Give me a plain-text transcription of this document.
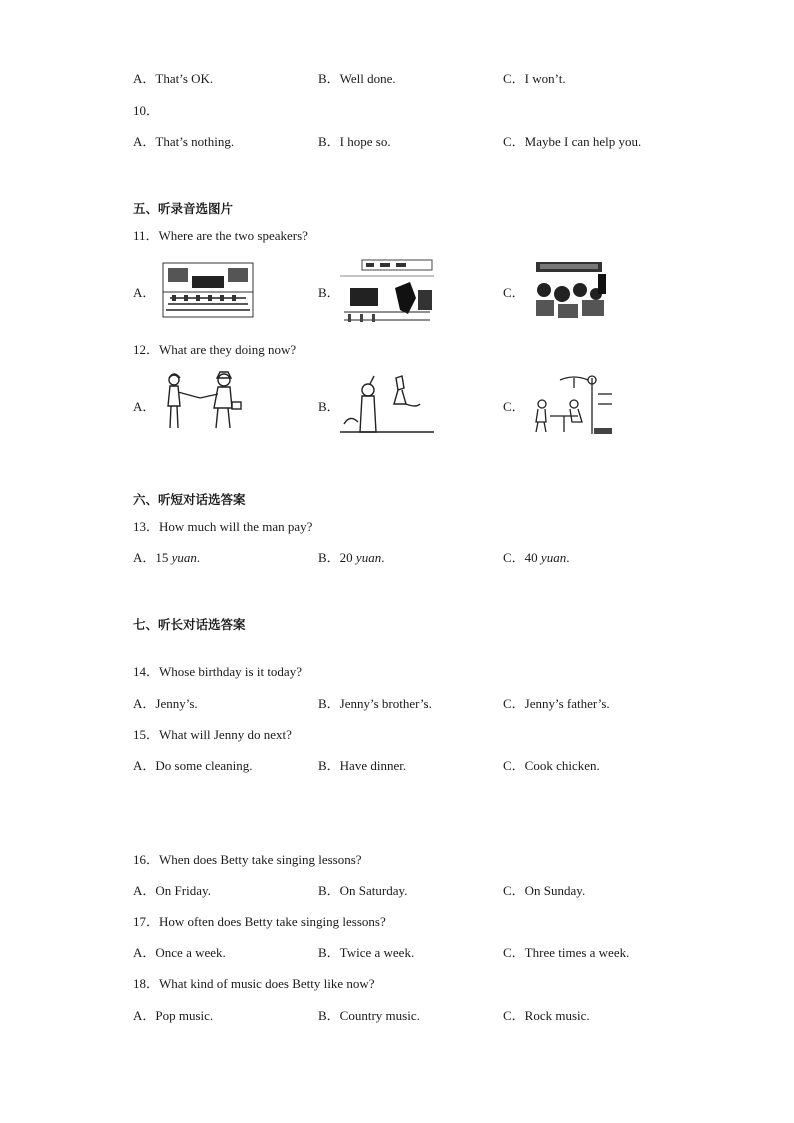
A．That’s OK.	B．Well done.	C．I won’t.
10．
A．That’s nothing.	B．I hope so.	C．Maybe I can help you.
五、听录音选图片
11．Where are the two speakers?
A．	B．	C．
12．What are they doing now?
A．	B．	C．
六、听短对话选答案
13．How much will the man pay?
A．15 yuan.	B．20 yuan.	C．40 yuan.
七、听长对话选答案
14．Whose birthday is it today?
A．Jenny’s.	B．Jenny’s brother’s.	C．Jenny’s father’s.
15．What will Jenny do next?
A．Do some cleaning.	B．Have dinner.	C．Cook chicken.
16．When does Betty take singing lessons?
A．On Friday.	B．On Saturday.	C．On Sunday.
17．How often does Betty take singing lessons?
A．Once a week.	B．Twice a week.	C．Three times a week.
18．What kind of music does Betty like now?
A．Pop music.	B．Country music.	C．Rock music.
